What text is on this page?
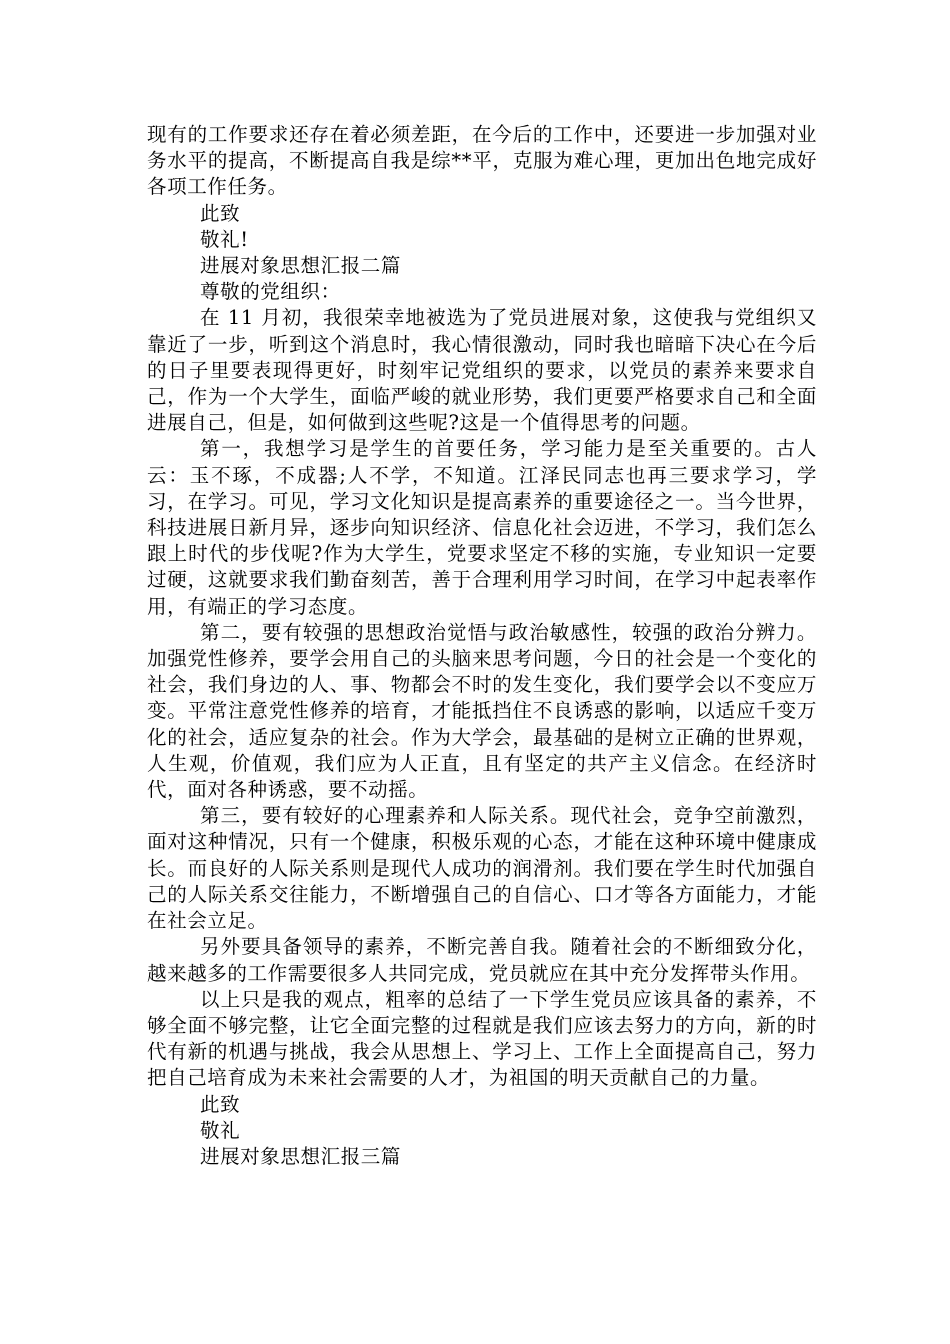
现有的工作要求还存在着必须差距，在今后的工作中，还要进一步加强对业务水平的提高，不断提高自我是综**平，克服为难心理，更加出色地完成好各项工作任务。

此致

敬礼!

进展对象思想汇报二篇

尊敬的党组织：

在 11 月初，我很荣幸地被选为了党员进展对象，这使我与党组织又靠近了一步，听到这个消息时，我心情很激动，同时我也暗暗下决心在今后的日子里要表现得更好，时刻牢记党组织的要求，以党员的素养来要求自己，作为一个大学生，面临严峻的就业形势，我们更要严格要求自己和全面进展自己，但是，如何做到这些呢?这是一个值得思考的问题。

第一，我想学习是学生的首要任务，学习能力是至关重要的。古人云：玉不琢，不成器;人不学，不知道。江泽民同志也再三要求学习，学习，在学习。可见，学习文化知识是提高素养的重要途径之一。当今世界，科技进展日新月异，逐步向知识经济、信息化社会迈进，不学习，我们怎么跟上时代的步伐呢?作为大学生，党要求坚定不移的实施，专业知识一定要过硬，这就要求我们勤奋刻苦，善于合理利用学习时间，在学习中起表率作用，有端正的学习态度。

第二，要有较强的思想政治觉悟与政治敏感性，较强的政治分辨力。加强党性修养，要学会用自己的头脑来思考问题，今日的社会是一个变化的社会，我们身边的人、事、物都会不时的发生变化，我们要学会以不变应万变。平常注意党性修养的培育，才能抵挡住不良诱惑的影响，以适应千变万化的社会，适应复杂的社会。作为大学会，最基础的是树立正确的世界观，人生观，价值观，我们应为人正直，且有坚定的共产主义信念。在经济时代，面对各种诱惑，要不动摇。

第三，要有较好的心理素养和人际关系。现代社会，竞争空前激烈，面对这种情况，只有一个健康，积极乐观的心态，才能在这种环境中健康成长。而良好的人际关系则是现代人成功的润滑剂。我们要在学生时代加强自己的人际关系交往能力，不断增强自己的自信心、口才等各方面能力，才能在社会立足。

另外要具备领导的素养，不断完善自我。随着社会的不断细致分化，越来越多的工作需要很多人共同完成，党员就应在其中充分发挥带头作用。

以上只是我的观点，粗率的总结了一下学生党员应该具备的素养，不够全面不够完整，让它全面完整的过程就是我们应该去努力的方向，新的时代有新的机遇与挑战，我会从思想上、学习上、工作上全面提高自己，努力把自己培育成为未来社会需要的人才，为祖国的明天贡献自己的力量。

此致

敬礼

进展对象思想汇报三篇
